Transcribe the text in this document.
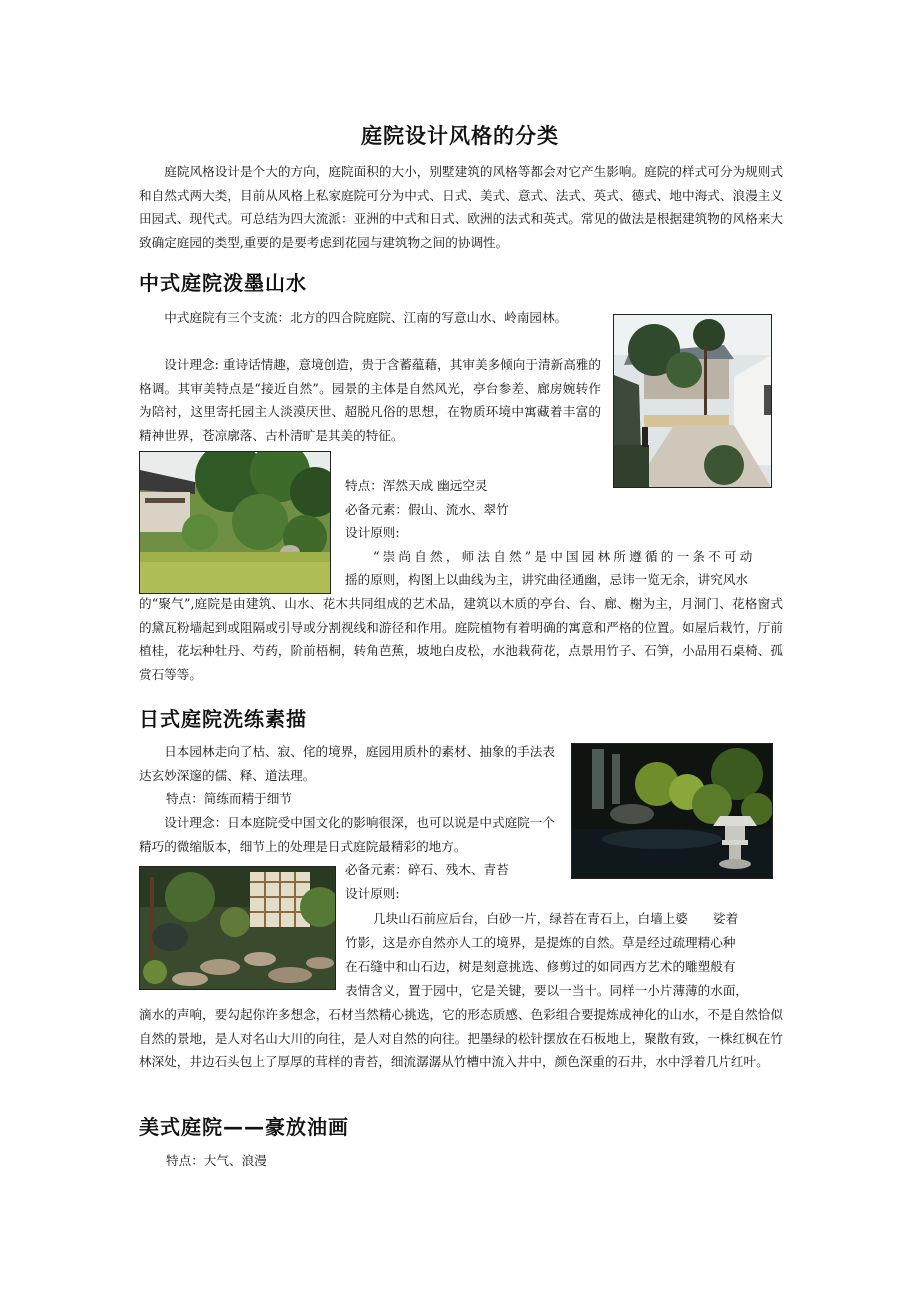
庭院设计风格的分类

庭院风格设计是个大的方向，庭院面积的大小，别墅建筑的风格等都会对它产生影响。庭院的样式可分为规则式和自然式两大类，目前从风格上私家庭院可分为中式、日式、美式、意式、法式、英式、德式、地中海式、浪漫主义田园式、现代式。可总结为四大流派：亚洲的中式和日式、欧洲的法式和英式。常见的做法是根据建筑物的风格来大致确定庭园的类型,重要的是要考虑到花园与建筑物之间的协调性。

中式庭院泼墨山水

中式庭院有三个支流：北方的四合院庭院、江南的写意山水、岭南园林。

设计理念: 重诗话情趣，意境创造，贵于含蓄蕴藉，其审美多倾向于清新高雅的格调。其审美特点是“接近自然”。园景的主体是自然风光，亭台参差、廊房婉转作为陪衬，这里寄托园主人淡漠厌世、超脱凡俗的思想，在物质环境中寓藏着丰富的精神世界，苍凉廓落、古朴清旷是其美的特征。

特点：浑然天成 幽远空灵
必备元素：假山、流水、翠竹
设计原则:
“崇尚自然，师法自然”是中国园林所遵循的一条不可动
摇的原则，构图上以曲线为主，讲究曲径通幽，忌讳一览无余，讲究风水

的“聚气”,庭院是由建筑、山水、花木共同组成的艺术品，建筑以木质的亭台、台、廊、榭为主，月洞门、花格窗式的黛瓦粉墙起到或阻隔或引导或分割视线和游径和作用。庭院植物有着明确的寓意和严格的位置。如屋后栽竹，厅前植桂，花坛种牡丹、芍药，阶前梧桐，转角芭蕉，坡地白皮松，水池栽荷花，点景用竹子、石笋，小品用石桌椅、孤赏石等等。

日式庭院洗练素描

日本园林走向了枯、寂、侘的境界，庭园用质朴的素材、抽象的手法表达玄妙深邃的儒、释、道法理。

特点：简练而精于细节

设计理念：日本庭院受中国文化的影响很深，也可以说是中式庭院一个精巧的微缩版本，细节上的处理是日式庭院最精彩的地方。

必备元素：碎石、残木、青苔
设计原则:
几块山石前应后台，白砂一片，绿苔在青石上，白墙上婆　　娑着
竹影，这是亦自然亦人工的境界，是提炼的自然。草是经过疏理精心种
在石缝中和山石边，树是刻意挑选、修剪过的如同西方艺术的雕塑般有
表情含义，置于园中，它是关键，要以一当十。同样一小片薄薄的水面，

滴水的声响，要勾起你许多想念，石材当然精心挑选，它的形态质感、色彩组合要提炼成神化的山水，不是自然恰似自然的景地，是人对名山大川的向往，是人对自然的向往。把墨绿的松针摆放在石板地上，聚散有致，一株红枫在竹林深处，井边石头包上了厚厚的茸样的青苔，细流潺潺从竹槽中流入井中，颜色深重的石井，水中浮着几片红叶。

美式庭院——豪放油画
特点：大气、浪漫
